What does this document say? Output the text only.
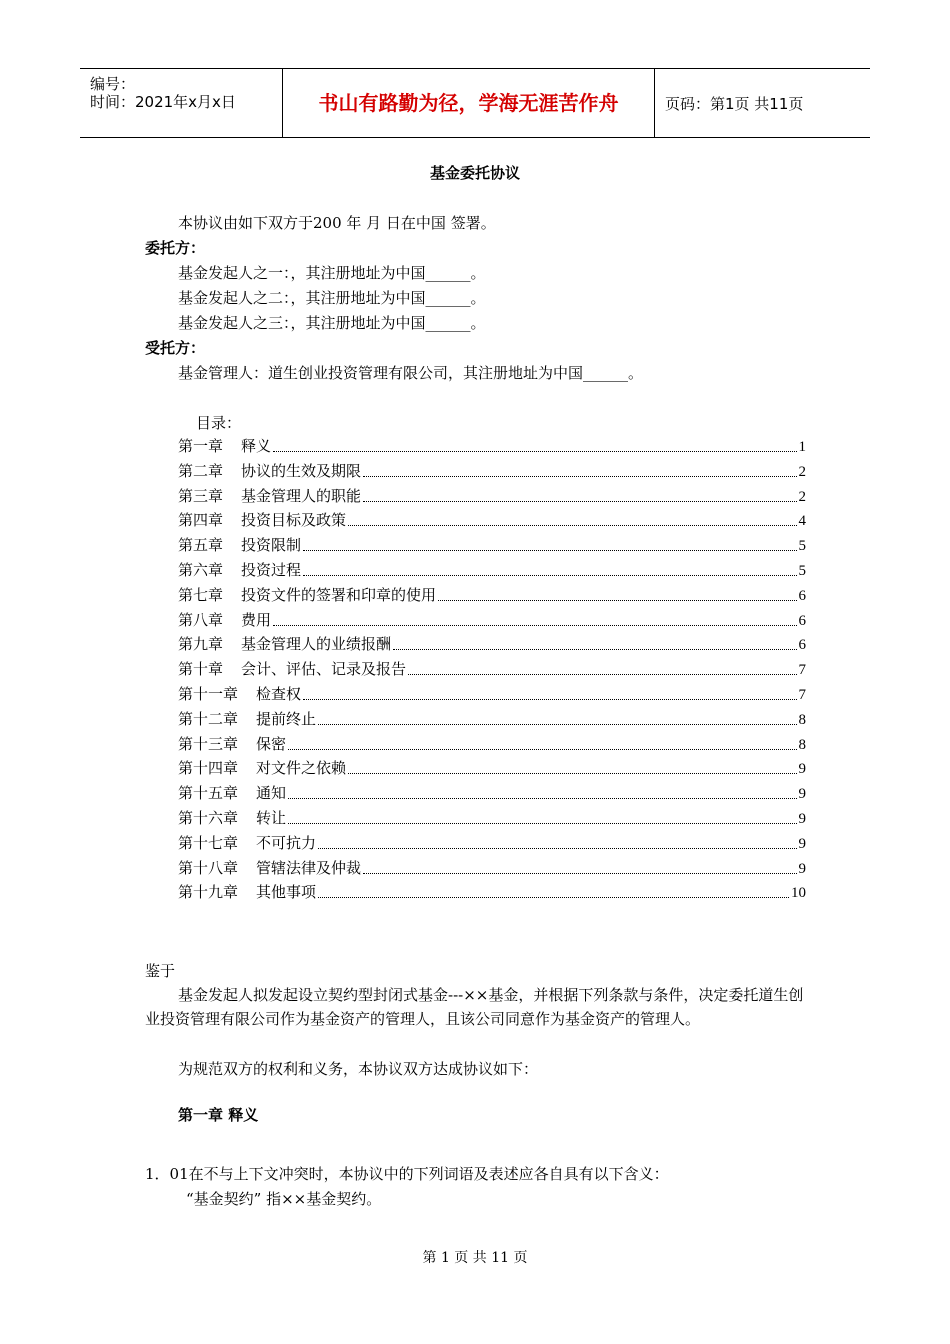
编号：
时间：2021年x月x日	书山有路勤为径，学海无涯苦作舟	页码：第1页 共11页
基金委托协议
本协议由如下双方于200 年 月 日在中国 签署。
委托方：
基金发起人之一：，其注册地址为中国______。
基金发起人之二：，其注册地址为中国______。
基金发起人之三：，其注册地址为中国______。
受托方：
基金管理人：道生创业投资管理有限公司，其注册地址为中国______。
目录：
第一章 释义	1
第二章 协议的生效及期限	2
第三章 基金管理人的职能	2
第四章 投资目标及政策	4
第五章 投资限制	5
第六章 投资过程	5
第七章 投资文件的签署和印章的使用	6
第八章 费用	6
第九章 基金管理人的业绩报酬	6
第十章 会计、评估、记录及报告	7
第十一章 检查权	7
第十二章 提前终止	8
第十三章 保密	8
第十四章 对文件之依赖	9
第十五章 通知	9
第十六章 转让	9
第十七章 不可抗力	9
第十八章 管辖法律及仲裁	9
第十九章 其他事项	10
鉴于
基金发起人拟发起设立契约型封闭式基金---××基金，并根据下列条款与条件，决定委托道生创业投资管理有限公司作为基金资产的管理人，且该公司同意作为基金资产的管理人。
为规范双方的权利和义务，本协议双方达成协议如下：
第一章 释义
1．01在不与上下文冲突时，本协议中的下列词语及表述应各自具有以下含义：
“基金契约” 指××基金契约。
第 1 页 共 11 页
